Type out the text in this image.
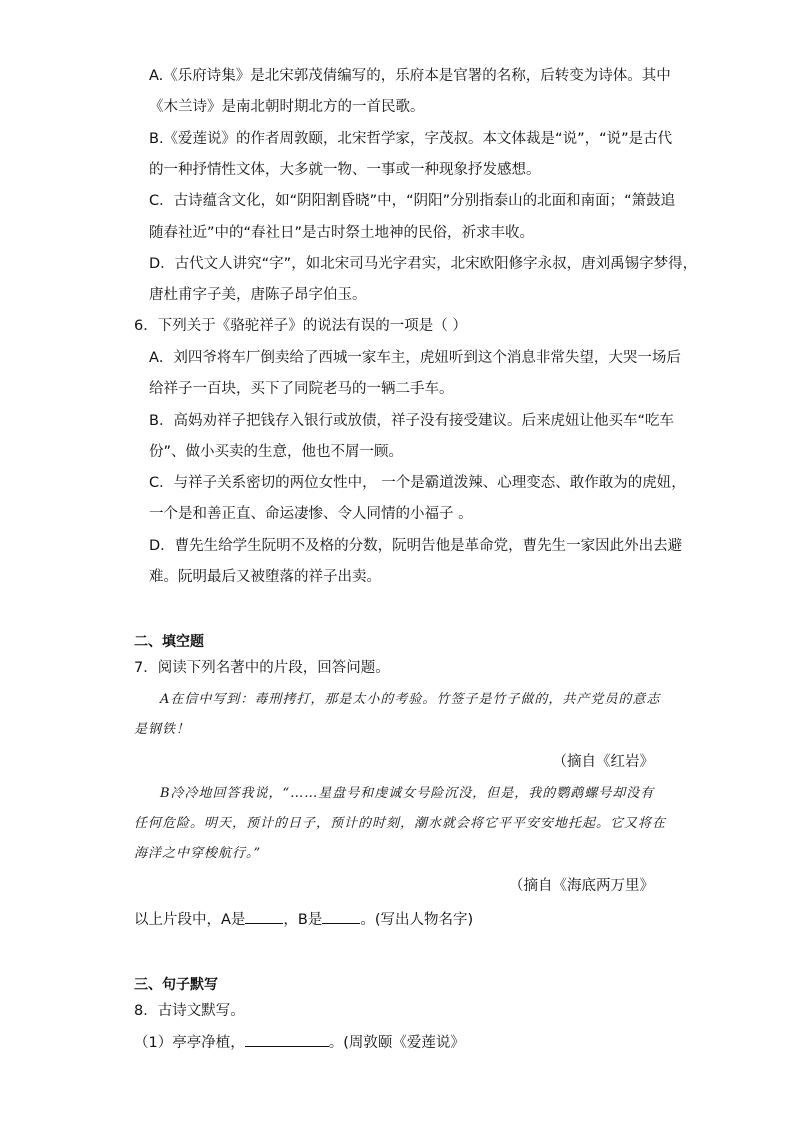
A.《乐府诗集》是北宋郭茂倩编写的，乐府本是官署的名称，后转变为诗体。其中
《木兰诗》是南北朝时期北方的一首民歌。
B.《爱莲说》的作者周敦颐，北宋哲学家，字茂叔。本文体裁是“说”，“说”是古代
的一种抒情性文体，大多就一物、一事或一种现象抒发感想。
C．古诗蕴含文化，如“阴阳割昏晓”中，“阴阳”分别指泰山的北面和南面；“箫鼓追
随春社近”中的“春社日”是古时祭土地神的民俗，祈求丰收。
D．古代文人讲究“字”，如北宋司马光字君实，北宋欧阳修字永叔，唐刘禹锡字梦得，
唐杜甫字子美，唐陈子昂字伯玉。
6．下列关于《骆驼祥子》的说法有误的一项是（ ）
A．刘四爷将车厂倒卖给了西城一家车主，虎妞听到这个消息非常失望，大哭一场后
给祥子一百块，买下了同院老马的一辆二手车。
B．高妈劝祥子把钱存入银行或放债，祥子没有接受建议。后来虎妞让他买车“吃车
份”、做小买卖的生意，他也不屑一顾。
C．与祥子关系密切的两位女性中， 一个是霸道泼辣、心理变态、敢作敢为的虎妞，
一个是和善正直、命运凄惨、令人同情的小福子 。
D．曹先生给学生阮明不及格的分数，阮明告他是革命党，曹先生一家因此外出去避
难。阮明最后又被堕落的祥子出卖。
二、填空题
7．阅读下列名著中的片段，回答问题。
A在信中写到：毒刑拷打，那是太小的考验。竹签子是竹子做的，共产党员的意志
是钢铁！
（摘自《红岩》
B冷冷地回答我说，“……星盘号和虔诚女号险沉没，但是，我的鹦鹉螺号却没有
任何危险。明天，预计的日子，预计的时刻，潮水就会将它平平安安地托起。它又将在
海洋之中穿梭航行。”
（摘自《海底两万里》
以上片段中，A是	，B是	。(写出人物名字)
三、句子默写
8．古诗文默写。
（1）亭亭净植，	。(周敦颐《爱莲说》
